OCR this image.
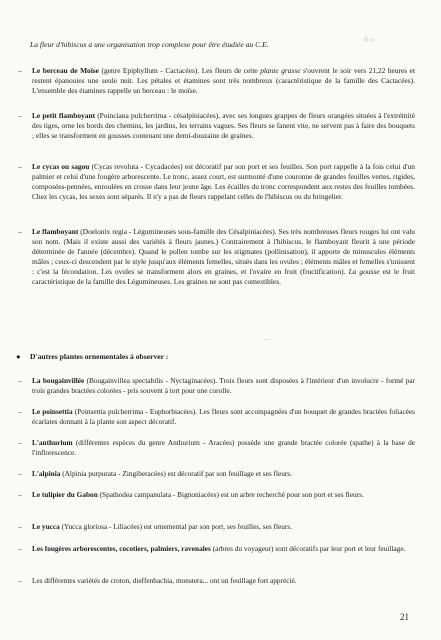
⁂ ⁎ ·
La fleur d'hibiscus a une organisation trop complexe pour être étudiée au C.E.
–	Le berceau de Moïse (genre Epiphyllum - Cactacées). Les fleurs de cette plante grasse s'ouvrent le soir vers 21,22 heures et restent épanouies une seule nuit. Les pétales et étamines sont très nombreux (caractéristique de la famille des Cactacées). L'ensemble des étamines rappelle un berceau : le moïse.
–	Le petit flamboyant (Poinciana pulcherrima - césalpiniacées), avec ses longues grappes de fleurs orangées situées à l'extrémité des tiges, orne les bords des chemins, les jardins, les terrains vagues. Ses fleurs se fanent vite, ne servent pas à faire des bouquets ; elles se transforment en gousses contenant une demi-douzaine de graines.
–	Le cycas ou sagou (Cycas revoluta - Cycadacées) est décoratif par son port et ses feuilles. Son port rappelle à la fois celui d'un palmier et celui d'une fougère arborescente. Le tronc, assez court, est surmonté d'une couronne de grandes feuilles vertes, rigides, composées-pennées, enroulées en crosse dans leur jeune âge. Les écailles du tronc correspondent aux restes des feuilles tombées. Chez les cycas, les sexes sont séparés. Il n'y a pas de fleurs rappelant celles de l'hibiscus ou du bringelier.
–	Le flamboyant (Doelonix regia - Légumineuses sous-famille des Césalpiniacées). Ses très nombreuses fleurs rouges lui ont valu son nom. (Mais il existe aussi des variétés à fleurs jaunes.) Contrairement à l'hibiscus, le flamboyant fleurit à une période déterminée de l'année (décembre). Quand le pollen tombe sur les stigmates (pollinisation), il apporte de minuscules éléments mâles ; ceux-ci descendent par le style jusqu'aux éléments femelles, situés dans les ovules ; éléments mâles et femelles s'unissent : c'est la fécondation. Les ovules se transforment alors en graines, et l'ovaire en fruit (fructification). La gousse est le fruit caractéristique de la famille des Légumineuses. Les graines ne sont pas comestibles.
—
● D'autres plantes ornementales à observer :
–	La bougainvillée (Bougainvillea spectabilis - Nyctaginacées). Trois fleurs sont disposées à l'intérieur d'un involucre - formé par trois grandes bractées colorées - pris souvent à tort pour une corolle.
–	Le poinsettia (Poinsettia pulcherrima - Euphorbiacées). Les fleurs sont accompagnées d'un bouquet de grandes bractées foliacées écarlates donnant à la plante son aspect décoratif.
–	L'anthurium (différentes espèces du genre Anthurium - Aracées) possède une grande bractée colorée (spathe) à la base de l'inflorescence.
–	L'alpinia (Alpinia purpurata - Zingiberacées) est décoratif par son feuillage et ses fleurs.
–	Le tulipier du Gabon (Spathodea campanulata - Bignoniacées) est un arbre recherché pour son port et ses fleurs.
–	Le yucca (Yucca gloriosa - Liliacées) est ornemental par son port, ses feuilles, ses fleurs.
–	Les fougères arborescentes, cocotiers, palmiers, ravenales (arbres du voyageur) sont décoratifs par leur port et leur feuillage.
–	Les différentes variétés de croton, dieffenbachia, monstera... ont un feuillage fort apprécié.
21
